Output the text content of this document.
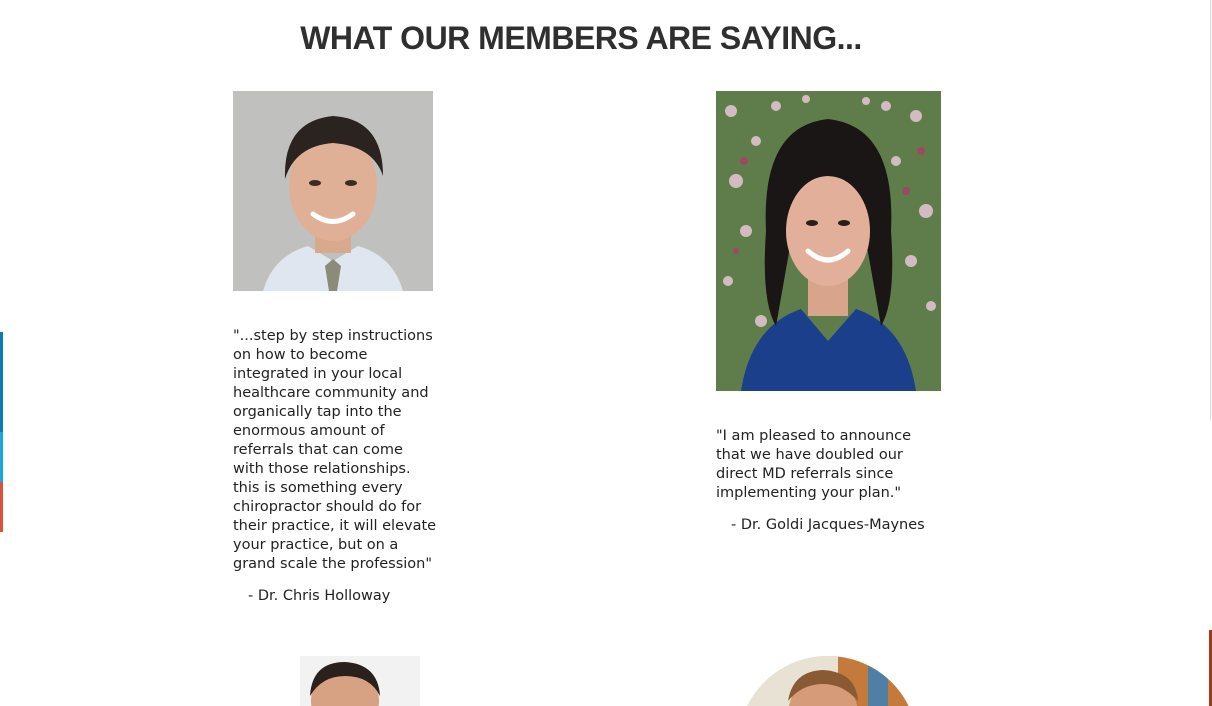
WHAT OUR MEMBERS ARE SAYING...

"...step by step instructions on how to become integrated in your local healthcare community and organically tap into the enormous amount of referrals that can come with those relationships. this is something every chiropractor should do for their practice, it will elevate your practice, but on a grand scale the profession"

- Dr. Chris Holloway

"I am pleased to announce that we have doubled our direct MD referrals since implementing your plan."

- Dr. Goldi Jacques-Maynes
